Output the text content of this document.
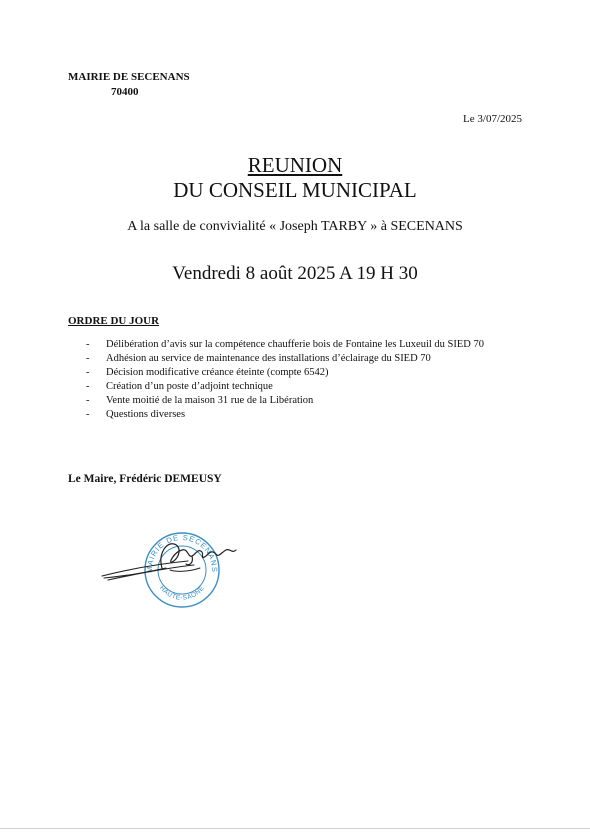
MAIRIE DE SECENANS
70400
Le 3/07/2025
REUNION
DU CONSEIL MUNICIPAL
A la salle de convivialité « Joseph TARBY » à SECENANS
Vendredi 8 août 2025 A 19 H 30
ORDRE DU JOUR
- Délibération d’avis sur la compétence chaufferie bois de Fontaine les Luxeuil du SIED 70
- Adhésion au service de maintenance des installations d’éclairage du SIED 70
- Décision modificative créance éteinte (compte 6542)
- Création d’un poste d’adjoint technique
- Vente moitié de la maison 31 rue de la Libération
- Questions diverses
Le Maire, Frédéric DEMEUSY
MAIRIE DE SECENANS
HAUTE-SAÔNE
